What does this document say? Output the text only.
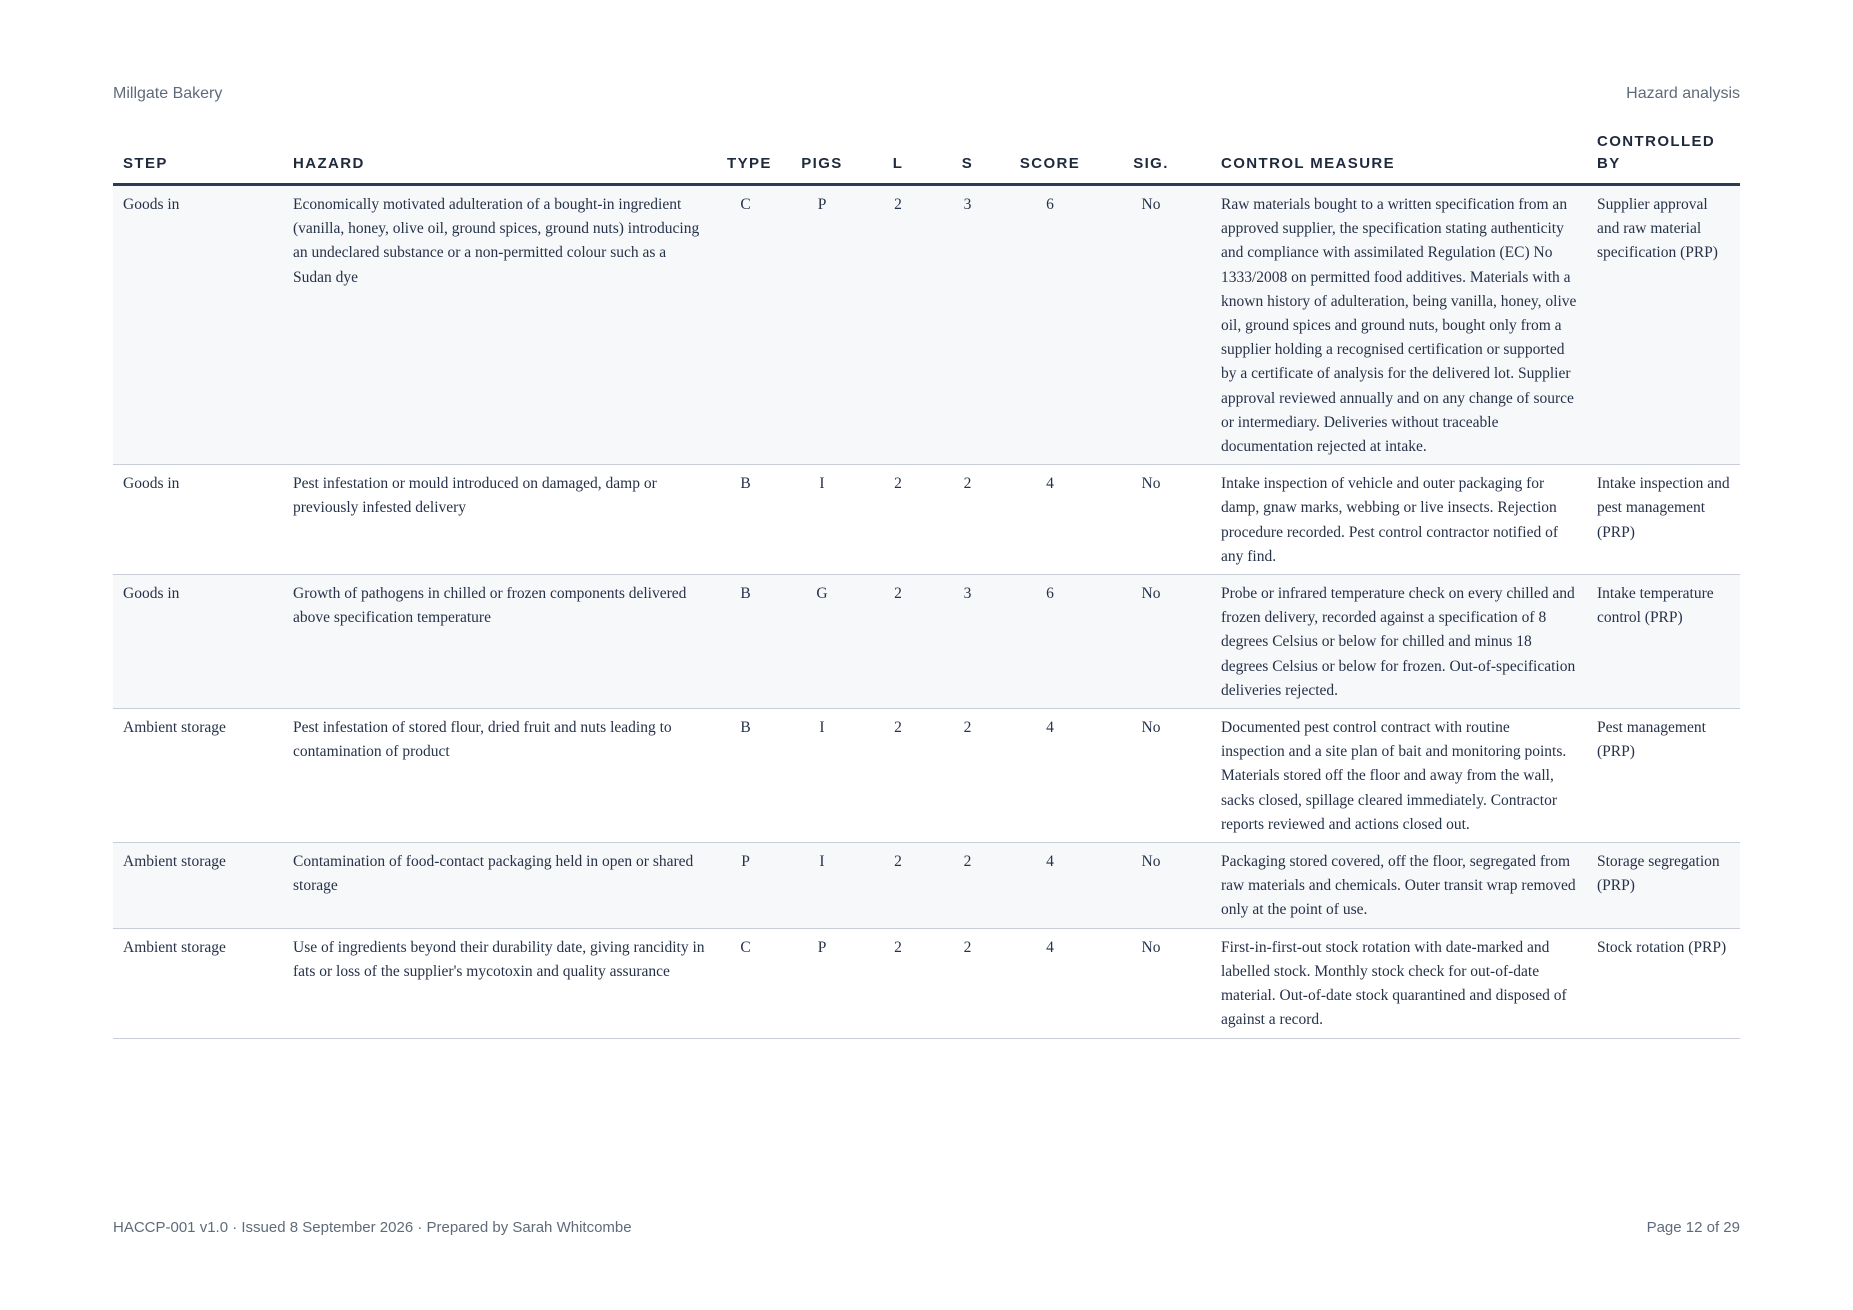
Millgate Bakery	Hazard analysis
STEP	HAZARD	TYPE	PIGS	L	S	SCORE	SIG.	CONTROL MEASURE	CONTROLLED BY
Goods in	Economically motivated adulteration of a bought-in ingredient (vanilla, honey, olive oil, ground spices, ground nuts) introducing an undeclared substance or a non-permitted colour such as a Sudan dye	C	P	2	3	6	No	Raw materials bought to a written specification from an approved supplier, the specification stating authenticity and compliance with assimilated Regulation (EC) No 1333/2008 on permitted food additives. Materials with a known history of adulteration, being vanilla, honey, olive oil, ground spices and ground nuts, bought only from a supplier holding a recognised certification or supported by a certificate of analysis for the delivered lot. Supplier approval reviewed annually and on any change of source or intermediary. Deliveries without traceable documentation rejected at intake.	Supplier approval and raw material specification (PRP)
Goods in	Pest infestation or mould introduced on damaged, damp or previously infested delivery	B	I	2	2	4	No	Intake inspection of vehicle and outer packaging for damp, gnaw marks, webbing or live insects. Rejection procedure recorded. Pest control contractor notified of any find.	Intake inspection and pest management (PRP)
Goods in	Growth of pathogens in chilled or frozen components delivered above specification temperature	B	G	2	3	6	No	Probe or infrared temperature check on every chilled and frozen delivery, recorded against a specification of 8 degrees Celsius or below for chilled and minus 18 degrees Celsius or below for frozen. Out-of-specification deliveries rejected.	Intake temperature control (PRP)
Ambient storage	Pest infestation of stored flour, dried fruit and nuts leading to contamination of product	B	I	2	2	4	No	Documented pest control contract with routine inspection and a site plan of bait and monitoring points. Materials stored off the floor and away from the wall, sacks closed, spillage cleared immediately. Contractor reports reviewed and actions closed out.	Pest management (PRP)
Ambient storage	Contamination of food-contact packaging held in open or shared storage	P	I	2	2	4	No	Packaging stored covered, off the floor, segregated from raw materials and chemicals. Outer transit wrap removed only at the point of use.	Storage segregation (PRP)
Ambient storage	Use of ingredients beyond their durability date, giving rancidity in fats or loss of the supplier's mycotoxin and quality assurance	C	P	2	2	4	No	First-in-first-out stock rotation with date-marked and labelled stock. Monthly stock check for out-of-date material. Out-of-date stock quarantined and disposed of against a record.	Stock rotation (PRP)
HACCP-001 v1.0 · Issued 8 September 2026 · Prepared by Sarah Whitcombe	Page 12 of 29
